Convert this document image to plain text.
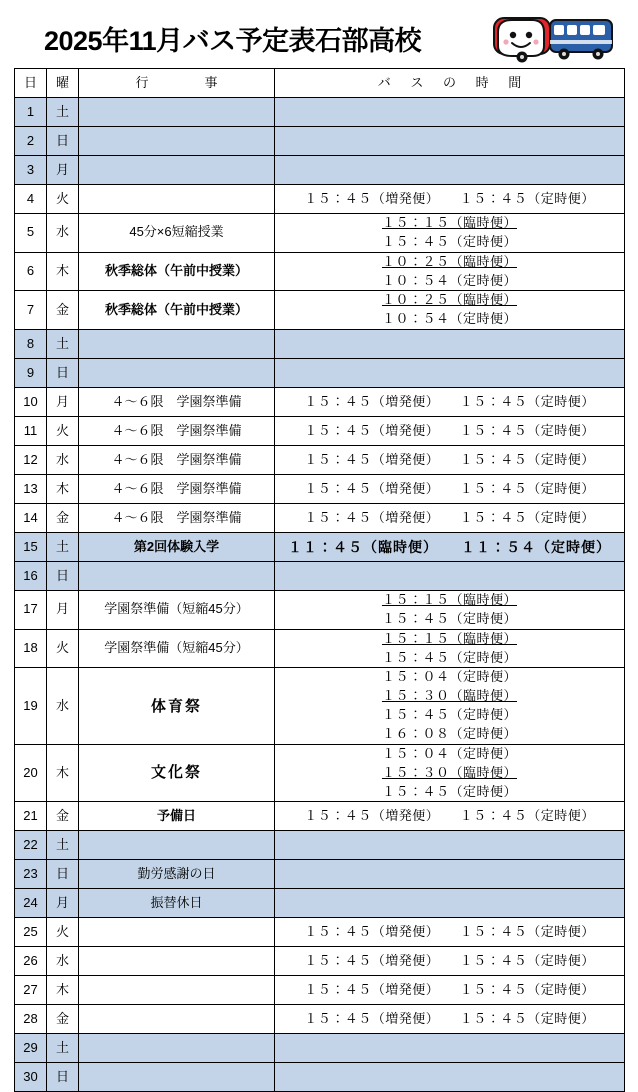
2025年11月バス予定表石部高校
日	曜	行　　事	バ ス の 時 間
1	土		
2	日		
3	月		
4	火		１５：４５（増発便）　　１５：４５（定時便）

5	水	45分×6短縮授業	１５：１５（臨時便）
１５：４５（定時便）

6	木	秋季総体（午前中授業）	１０：２５（臨時便）
１０：５４（定時便）

7	金	秋季総体（午前中授業）	１０：２５（臨時便）
１０：５４（定時便）

8	土		
9	日		
10	月	４～６限　学園祭準備	１５：４５（増発便）　　１５：４５（定時便）

11	火	４～６限　学園祭準備	１５：４５（増発便）　　１５：４５（定時便）

12	水	４～６限　学園祭準備	１５：４５（増発便）　　１５：４５（定時便）

13	木	４～６限　学園祭準備	１５：４５（増発便）　　１５：４５（定時便）

14	金	４～６限　学園祭準備	１５：４５（増発便）　　１５：４５（定時便）

15	土	第2回体験入学	１１：４５（臨時便）　　１１：５４（定時便）

16	日		
17	月	学園祭準備（短縮45分）	１５：１５（臨時便）
１５：４５（定時便）

18	火	学園祭準備（短縮45分）	１５：１５（臨時便）
１５：４５（定時便）

19	水	体育祭	１５：０４（定時便）
１５：３０（臨時便）
１５：４５（定時便）
１６：０８（定時便）

20	木	文化祭	１５：０４（定時便）
１５：３０（臨時便）
１５：４５（定時便）

21	金	予備日	１５：４５（増発便）　　１５：４５（定時便）

22	土		
23	日	勤労感謝の日	
24	月	振替休日	
25	火		１５：４５（増発便）　　１５：４５（定時便）

26	水		１５：４５（増発便）　　１５：４５（定時便）

27	木		１５：４５（増発便）　　１５：４５（定時便）

28	金		１５：４５（増発便）　　１５：４５（定時便）

29	土		
30	日		
